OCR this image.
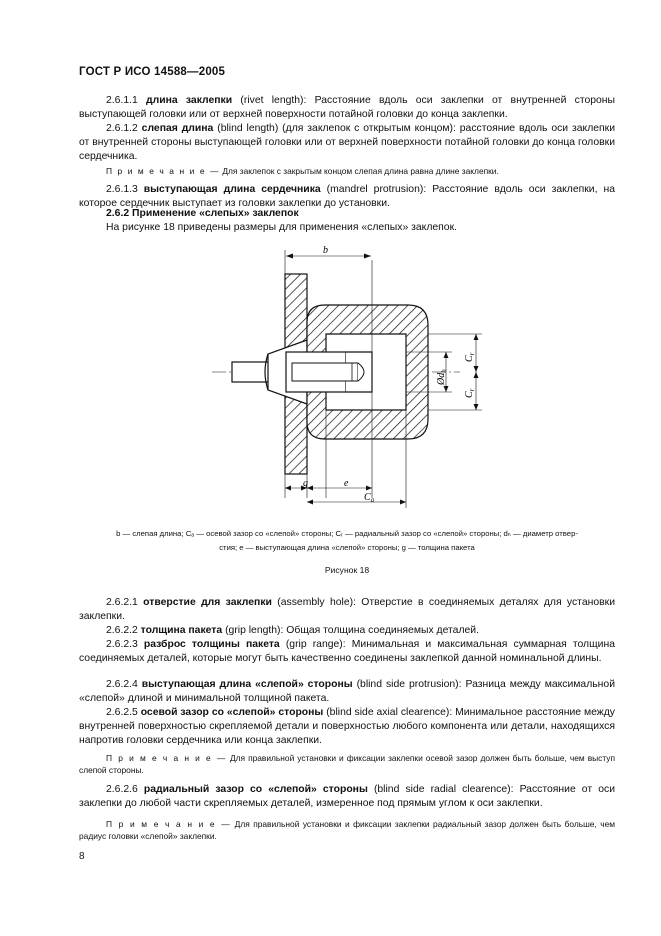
ГОСТ Р ИСО 14588—2005
2.6.1.1 длина заклепки (rivet length): Расстояние вдоль оси заклепки от внутренней стороны выступающей головки или от верхней поверхности потайной головки до конца заклепки.
2.6.1.2 слепая длина (blind length) (для заклепок с открытым концом): расстояние вдоль оси заклепки от внутренней стороны выступающей головки или от верхней поверхности потайной головки до конца головки сердечника.
П р и м е ч а н и е — Для заклепок с закрытым концом слепая длина равна длине заклепки.
2.6.1.3 выступающая длина сердечника (mandrel protrusion): Расстояние вдоль оси заклепки, на которое сердечник выступает из головки заклепки до установки.
2.6.2 Применение «слепых» заклепок
На рисунке 18 приведены размеры для применения «слепых» заклепок.
b
g	e
$C_a$
$Ød_h$
$C_r$
$C_r$
b — слепая длина; Cₐ — осевой зазор со «слепой» стороны; Cᵣ — радиальный зазор со «слепой» стороны; dₕ — диаметр отвер-
стия; e — выступающая длина «слепой» стороны; g — толщина пакета
Рисунок 18
2.6.2.1 отверстие для заклепки (assembly hole): Отверстие в соединяемых деталях для установки заклепки.
2.6.2.2 толщина пакета (grip length): Общая толщина соединяемых деталей.
2.6.2.3 разброс толщины пакета (grip range): Минимальная и максимальная суммарная толщина соединяемых деталей, которые могут быть качественно соединены заклепкой данной номинальной длины.
2.6.2.4 выступающая длина «слепой» стороны (blind side protrusion): Разница между максимальной «слепой» длиной и минимальной толщиной пакета.
2.6.2.5 осевой зазор со «слепой» стороны (blind side axial clearence): Минимальное расстояние между внутренней поверхностью скрепляемой детали и поверхностью любого компонента или детали, находящихся напротив головки сердечника или конца заклепки.
П р и м е ч а н и е — Для правильной установки и фиксации заклепки осевой зазор должен быть больше, чем выступ слепой стороны.
2.6.2.6 радиальный зазор со «слепой» стороны (blind side radial clearence): Расстояние от оси заклепки до любой части скрепляемых деталей, измеренное под прямым углом к оси заклепки.
П р и м е ч а н и е — Для правильной установки и фиксации заклепки радиальный зазор должен быть больше, чем радиус головки «слепой» заклепки.
8
